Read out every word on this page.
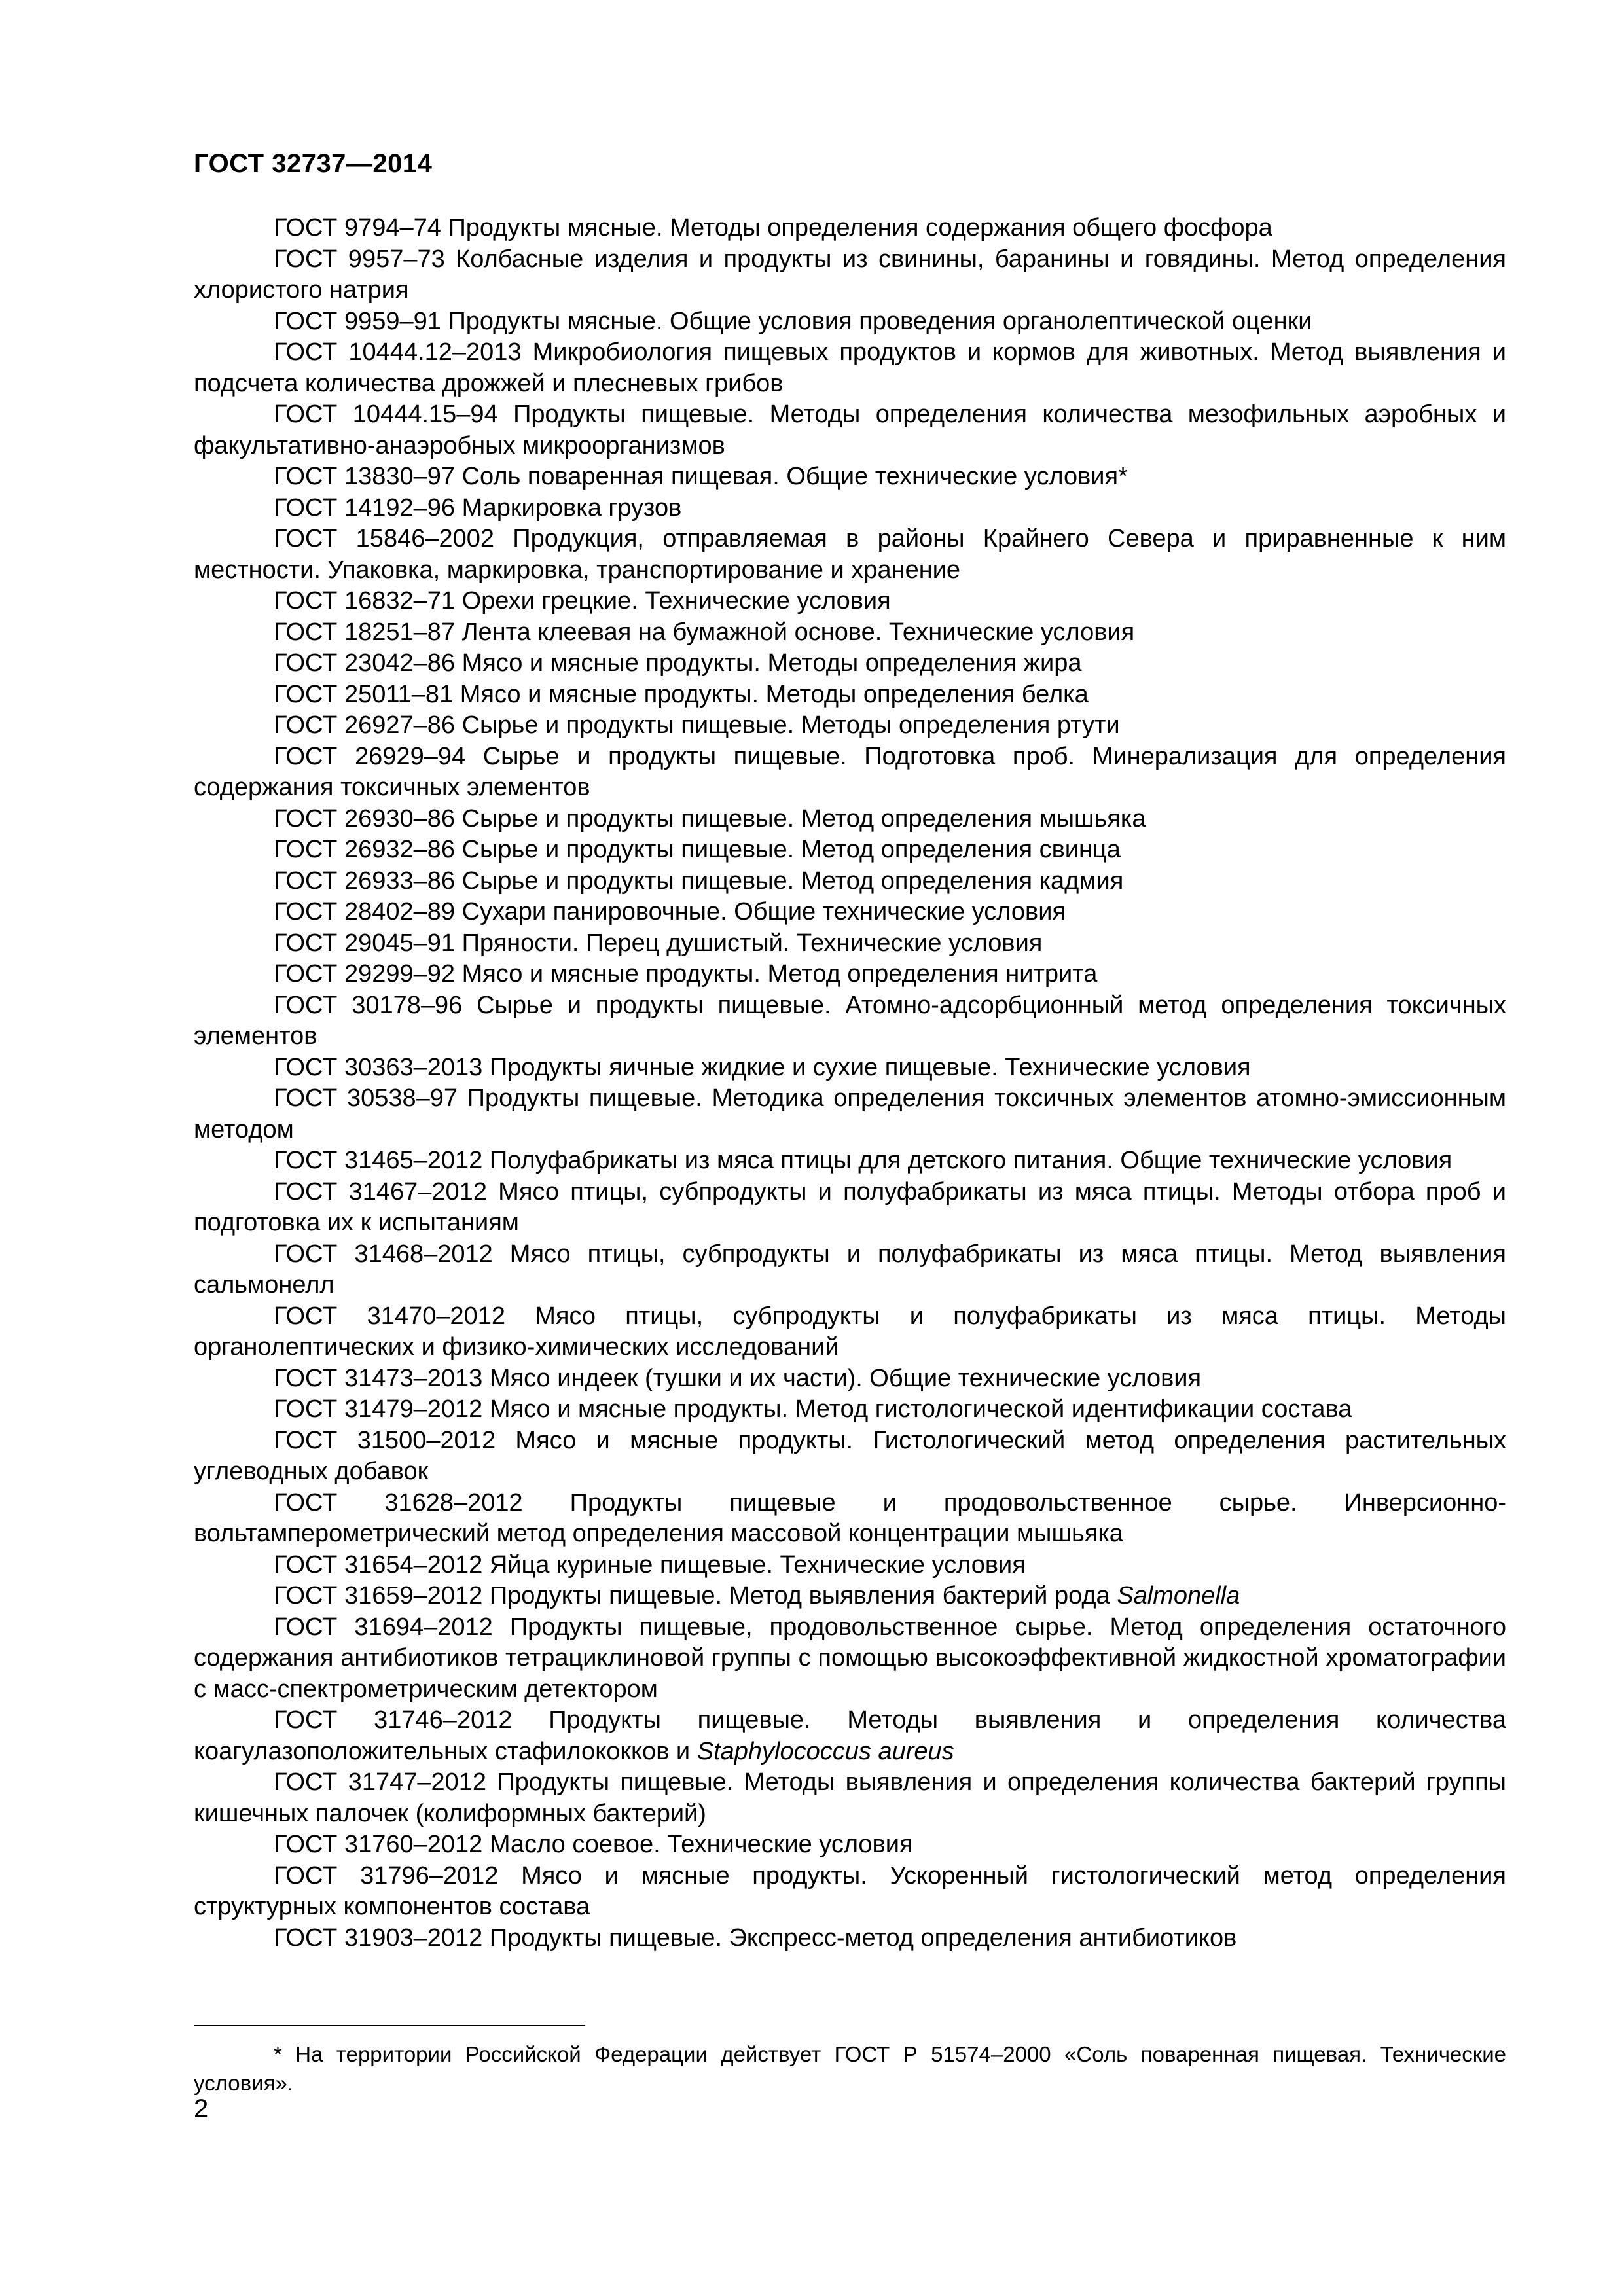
ГОСТ 32737—2014

ГОСТ 9794–74 Продукты мясные. Методы определения содержания общего фосфора

ГОСТ 9957–73 Колбасные изделия и продукты из свинины, баранины и говядины. Метод определения хлористого натрия

ГОСТ 9959–91 Продукты мясные. Общие условия проведения органолептической оценки

ГОСТ 10444.12–2013 Микробиология пищевых продуктов и кормов для животных. Метод выявления и подсчета количества дрожжей и плесневых грибов

ГОСТ 10444.15–94 Продукты пищевые. Методы определения количества мезофильных аэробных и факультативно-анаэробных микроорганизмов

ГОСТ 13830–97 Соль поваренная пищевая. Общие технические условия*

ГОСТ 14192–96 Маркировка грузов

ГОСТ 15846–2002 Продукция, отправляемая в районы Крайнего Севера и приравненные к ним местности. Упаковка, маркировка, транспортирование и хранение

ГОСТ 16832–71 Орехи грецкие. Технические условия

ГОСТ 18251–87 Лента клеевая на бумажной основе. Технические условия

ГОСТ 23042–86 Мясо и мясные продукты. Методы определения жира

ГОСТ 25011–81 Мясо и мясные продукты. Методы определения белка

ГОСТ 26927–86 Сырье и продукты пищевые. Методы определения ртути

ГОСТ 26929–94 Сырье и продукты пищевые. Подготовка проб. Минерализация для определения содержания токсичных элементов

ГОСТ 26930–86 Сырье и продукты пищевые. Метод определения мышьяка

ГОСТ 26932–86 Сырье и продукты пищевые. Метод определения свинца

ГОСТ 26933–86 Сырье и продукты пищевые. Метод определения кадмия

ГОСТ 28402–89 Сухари панировочные. Общие технические условия

ГОСТ 29045–91 Пряности. Перец душистый. Технические условия

ГОСТ 29299–92 Мясо и мясные продукты. Метод определения нитрита

ГОСТ 30178–96 Сырье и продукты пищевые. Атомно-адсорбционный метод определения токсичных элементов

ГОСТ 30363–2013 Продукты яичные жидкие и сухие пищевые. Технические условия

ГОСТ 30538–97 Продукты пищевые. Методика определения токсичных элементов атомно-эмиссионным методом

ГОСТ 31465–2012 Полуфабрикаты из мяса птицы для детского питания. Общие технические условия

ГОСТ 31467–2012 Мясо птицы, субпродукты и полуфабрикаты из мяса птицы. Методы отбора проб и подготовка их к испытаниям

ГОСТ 31468–2012 Мясо птицы, субпродукты и полуфабрикаты из мяса птицы. Метод выявления сальмонелл

ГОСТ 31470–2012 Мясо птицы, субпродукты и полуфабрикаты из мяса птицы. Методы органолептических и физико-химических исследований

ГОСТ 31473–2013 Мясо индеек (тушки и их части). Общие технические условия

ГОСТ 31479–2012 Мясо и мясные продукты. Метод гистологической идентификации состава

ГОСТ 31500–2012 Мясо и мясные продукты. Гистологический метод определения растительных углеводных добавок

ГОСТ 31628–2012 Продукты пищевые и продовольственное сырье. Инверсионно-вольтамперометрический метод определения массовой концентрации мышьяка

ГОСТ 31654–2012 Яйца куриные пищевые. Технические условия

ГОСТ 31659–2012 Продукты пищевые. Метод выявления бактерий рода Salmonella

ГОСТ 31694–2012 Продукты пищевые, продовольственное сырье. Метод определения остаточного содержания антибиотиков тетрациклиновой группы с помощью высокоэффективной жидкостной хроматографии с масс-спектрометрическим детектором

ГОСТ 31746–2012 Продукты пищевые. Методы выявления и определения количества коагулазоположительных стафилококков и Staphylococcus aureus

ГОСТ 31747–2012 Продукты пищевые. Методы выявления и определения количества бактерий группы кишечных палочек (колиформных бактерий)

ГОСТ 31760–2012 Масло соевое. Технические условия

ГОСТ 31796–2012 Мясо и мясные продукты. Ускоренный гистологический метод определения структурных компонентов состава

ГОСТ 31903–2012 Продукты пищевые. Экспресс-метод определения антибиотиков

* На территории Российской Федерации действует ГОСТ Р 51574–2000 «Соль поваренная пищевая. Технические условия».

2
